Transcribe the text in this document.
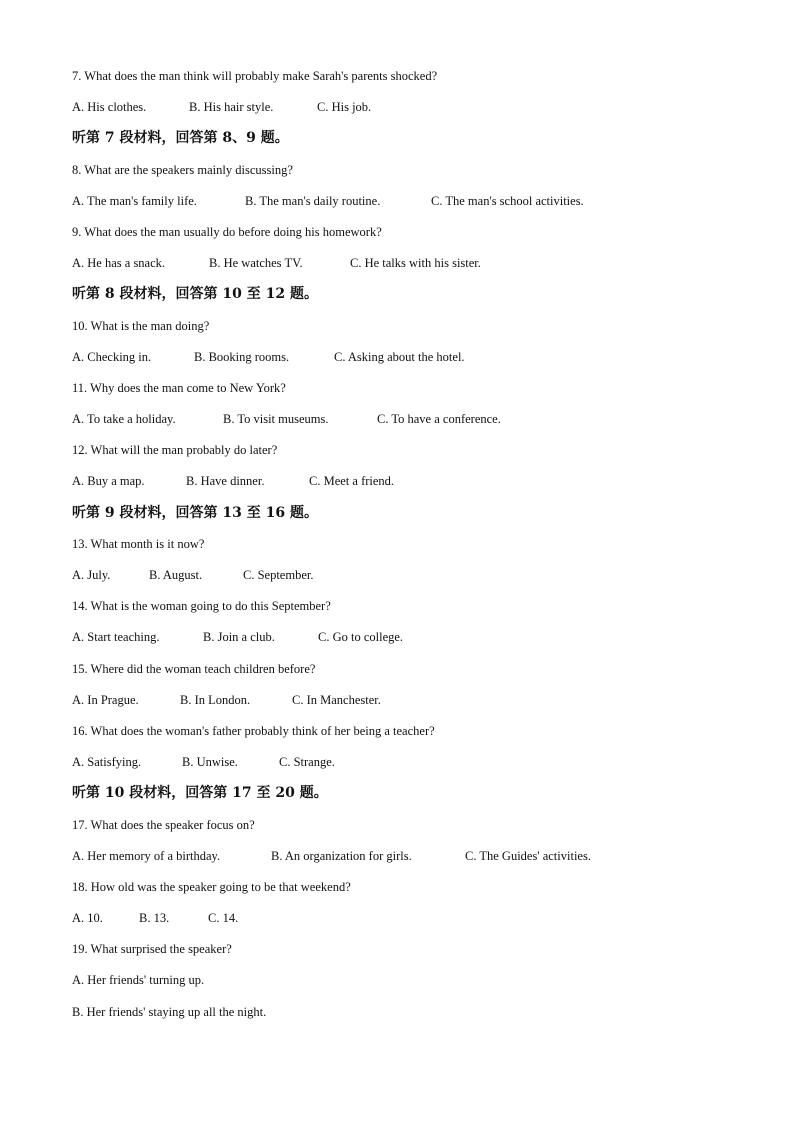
7. What does the man think will probably make Sarah's parents shocked?
A. His clothes.	B. His hair style.	C. His job.
听第 7 段材料，回答第 8、9 题。
8. What are the speakers mainly discussing?
A. The man's family life.	B. The man's daily routine.	C. The man's school activities.
9. What does the man usually do before doing his homework?
A. He has a snack.	B. He watches TV.	C. He talks with his sister.
听第 8 段材料，回答第 10 至 12 题。
10. What is the man doing?
A. Checking in.	B. Booking rooms.	C. Asking about the hotel.
11. Why does the man come to New York?
A. To take a holiday.	B. To visit museums.	C. To have a conference.
12. What will the man probably do later?
A. Buy a map.	B. Have dinner.	C. Meet a friend.
听第 9 段材料，回答第 13 至 16 题。
13. What month is it now?
A. July.	B. August.	C. September.
14. What is the woman going to do this September?
A. Start teaching.	B. Join a club.	C. Go to college.
15. Where did the woman teach children before?
A. In Prague.	B. In London.	C. In Manchester.
16. What does the woman's father probably think of her being a teacher?
A. Satisfying.	B. Unwise.	C. Strange.
听第 10 段材料，回答第 17 至 20 题。
17. What does the speaker focus on?
A. Her memory of a birthday.	B. An organization for girls.	C. The Guides' activities.
18. How old was the speaker going to be that weekend?
A. 10.	B. 13.	C. 14.
19. What surprised the speaker?
A. Her friends' turning up.
B. Her friends' staying up all the night.
